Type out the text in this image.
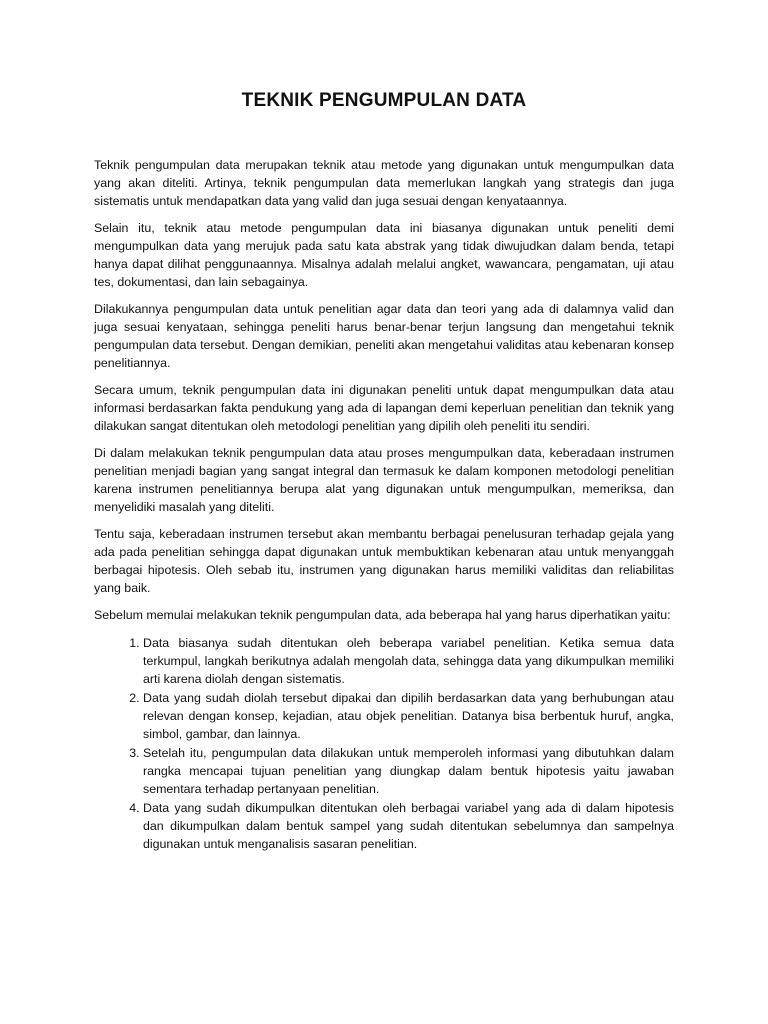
TEKNIK PENGUMPULAN DATA

Teknik pengumpulan data merupakan teknik atau metode yang digunakan untuk mengumpulkan data yang akan diteliti. Artinya, teknik pengumpulan data memerlukan langkah yang strategis dan juga sistematis untuk mendapatkan data yang valid dan juga sesuai dengan kenyataannya.

Selain itu, teknik atau metode pengumpulan data ini biasanya digunakan untuk peneliti demi mengumpulkan data yang merujuk pada satu kata abstrak yang tidak diwujudkan dalam benda, tetapi hanya dapat dilihat penggunaannya. Misalnya adalah melalui angket, wawancara, pengamatan, uji atau tes, dokumentasi, dan lain sebagainya.

Dilakukannya pengumpulan data untuk penelitian agar data dan teori yang ada di dalamnya valid dan juga sesuai kenyataan, sehingga peneliti harus benar-benar terjun langsung dan mengetahui teknik pengumpulan data tersebut. Dengan demikian, peneliti akan mengetahui validitas atau kebenaran konsep penelitiannya.

Secara umum, teknik pengumpulan data ini digunakan peneliti untuk dapat mengumpulkan data atau informasi berdasarkan fakta pendukung yang ada di lapangan demi keperluan penelitian dan teknik yang dilakukan sangat ditentukan oleh metodologi penelitian yang dipilih oleh peneliti itu sendiri.

Di dalam melakukan teknik pengumpulan data atau proses mengumpulkan data, keberadaan instrumen penelitian menjadi bagian yang sangat integral dan termasuk ke dalam komponen metodologi penelitian karena instrumen penelitiannya berupa alat yang digunakan untuk mengumpulkan, memeriksa, dan menyelidiki masalah yang diteliti.

Tentu saja, keberadaan instrumen tersebut akan membantu berbagai penelusuran terhadap gejala yang ada pada penelitian sehingga dapat digunakan untuk membuktikan kebenaran atau untuk menyanggah berbagai hipotesis. Oleh sebab itu, instrumen yang digunakan harus memiliki validitas dan reliabilitas yang baik.

Sebelum memulai melakukan teknik pengumpulan data, ada beberapa hal yang harus diperhatikan yaitu:

1. Data biasanya sudah ditentukan oleh beberapa variabel penelitian. Ketika semua data terkumpul, langkah berikutnya adalah mengolah data, sehingga data yang dikumpulkan memiliki arti karena diolah dengan sistematis.
2. Data yang sudah diolah tersebut dipakai dan dipilih berdasarkan data yang berhubungan atau relevan dengan konsep, kejadian, atau objek penelitian. Datanya bisa berbentuk huruf, angka, simbol, gambar, dan lainnya.
3. Setelah itu, pengumpulan data dilakukan untuk memperoleh informasi yang dibutuhkan dalam rangka mencapai tujuan penelitian yang diungkap dalam bentuk hipotesis yaitu jawaban sementara terhadap pertanyaan penelitian.
4. Data yang sudah dikumpulkan ditentukan oleh berbagai variabel yang ada di dalam hipotesis dan dikumpulkan dalam bentuk sampel yang sudah ditentukan sebelumnya dan sampelnya digunakan untuk menganalisis sasaran penelitian.
